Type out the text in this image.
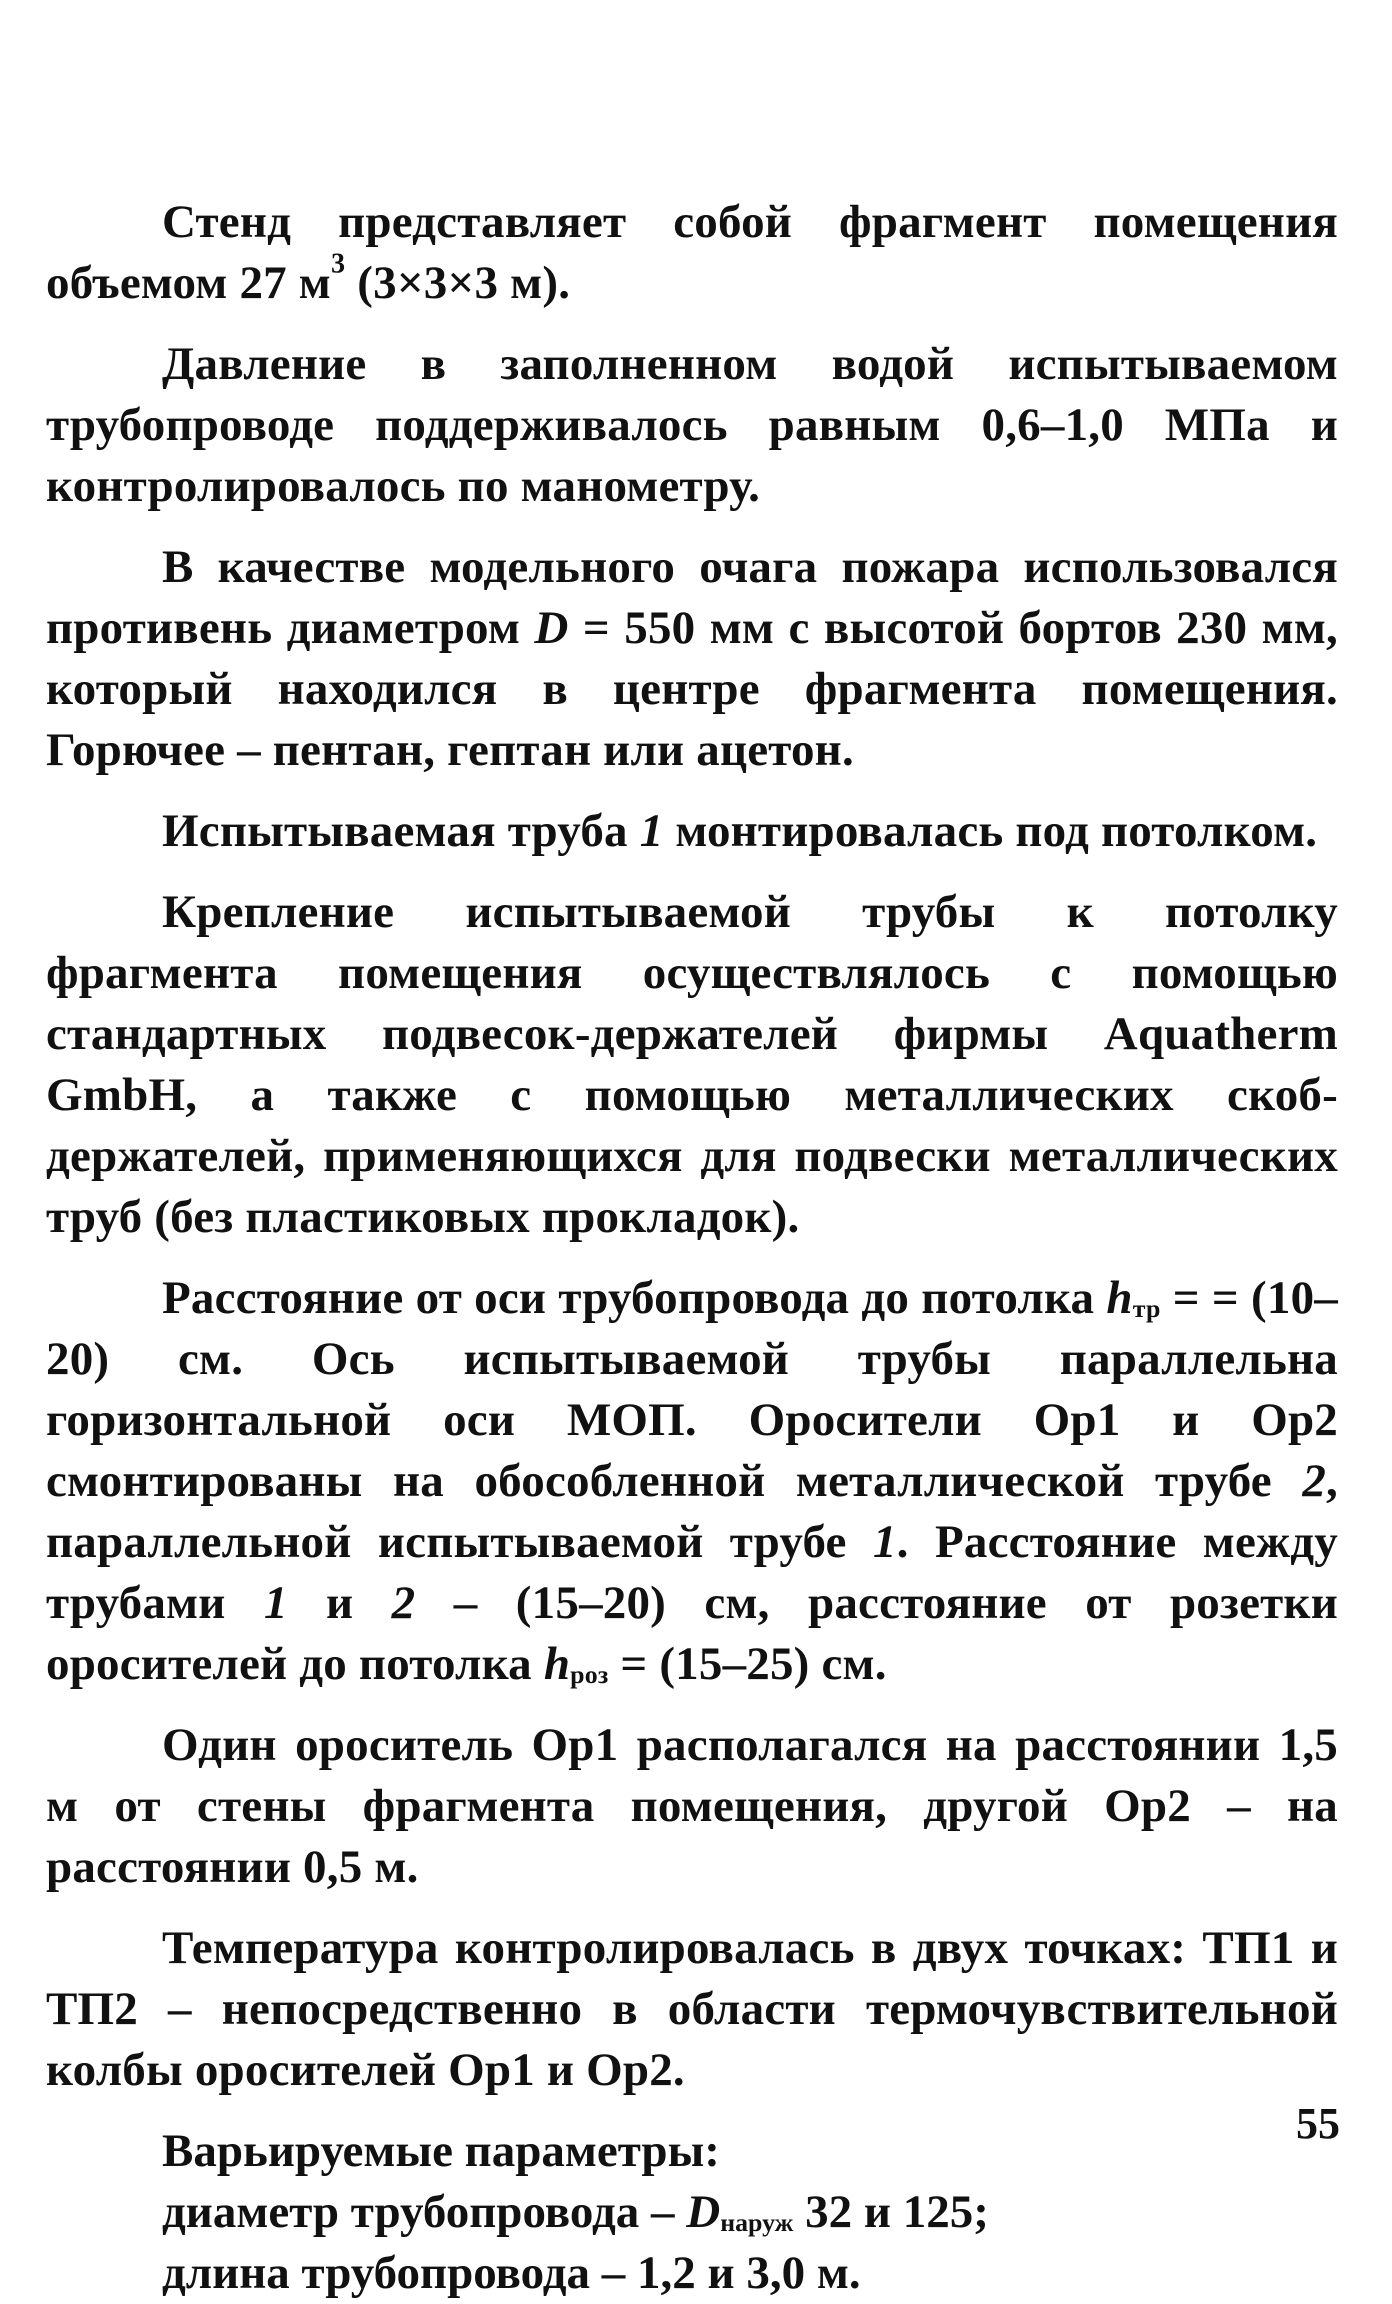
Стенд представляет собой фрагмент помещения объемом 27 $м^3$ (3×3×3 м).

Давление в заполненном водой испытываемом трубопроводе поддерживалось равным 0,6–1,0 МПа и контролировалось по манометру.

В качестве модельного очага пожара использовался противень диаметром D = 550 мм с высотой бортов 230 мм, который находился в центре фрагмента помещения. Горючее – пентан, гептан или ацетон.

Испытываемая труба 1 монтировалась под потолком.

Крепление испытываемой трубы к потолку фрагмента помещения осуществлялось с помощью стандартных подвесок-держателей фирмы Aquatherm GmbH, а также с помощью металлических скоб-держателей, применяющихся для подвески металлических труб (без пластиковых прокладок).

Расстояние от оси трубопровода до потолка $h_{тр}$ = = (10–20) см. Ось испытываемой трубы параллельна горизонтальной оси МОП. Оросители Ор1 и Ор2 смонтированы на обособленной металлической трубе 2, параллельной испытываемой трубе 1. Расстояние между трубами 1 и 2 – (15–20) см, расстояние от розетки оросителей до потолка $h_{роз} = (15-25)$ см.

Один ороситель Ор1 располагался на расстоянии 1,5 м от стены фрагмента помещения, другой Ор2 – на расстоянии 0,5 м.

Температура контролировалась в двух точках: ТП1 и ТП2 – непосредственно в области термочувствительной колбы оросителей Ор1 и Ор2.

Варьируемые параметры:

диаметр трубопровода – $D_{наруж}$ 32 и 125;

длина трубопровода – 1,2 и 3,0 м.

55
